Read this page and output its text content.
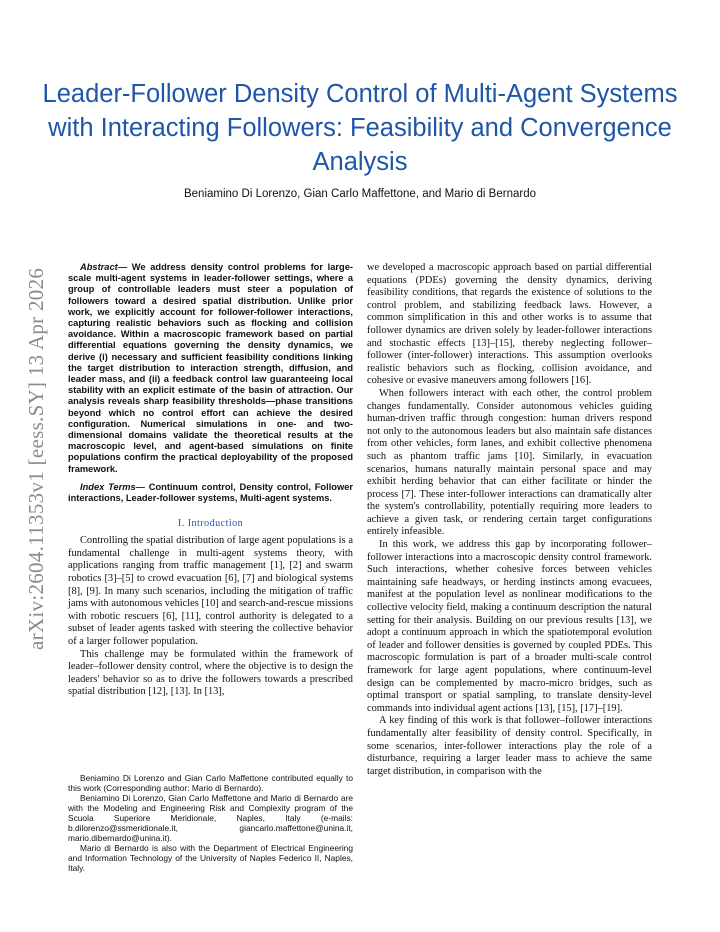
arXiv:2604.11353v1 [eess.SY] 13 Apr 2026
Leader-Follower Density Control of Multi-Agent Systems with Interacting Followers: Feasibility and Convergence Analysis
Beniamino Di Lorenzo, Gian Carlo Maffettone, and Mario di Bernardo

Abstract— We address density control problems for large-scale multi-agent systems in leader-follower settings, where a group of controllable leaders must steer a population of followers toward a desired spatial distribution. Unlike prior work, we explicitly account for follower-follower interactions, capturing realistic behaviors such as flocking and collision avoidance. Within a macroscopic framework based on partial differential equations governing the density dynamics, we derive (i) necessary and sufficient feasibility conditions linking the target distribution to interaction strength, diffusion, and leader mass, and (ii) a feedback control law guaranteeing local stability with an explicit estimate of the basin of attraction. Our analysis reveals sharp feasibility thresholds—phase transitions beyond which no control effort can achieve the desired configuration. Numerical simulations in one- and two-dimensional domains validate the theoretical results at the macroscopic level, and agent-based simulations on finite populations confirm the practical deployability of the proposed framework.

Index Terms— Continuum control, Density control, Follower interactions, Leader-follower systems, Multi-agent systems.

I. Introduction

Controlling the spatial distribution of large agent populations is a fundamental challenge in multi-agent systems theory, with applications ranging from traffic management [1], [2] and swarm robotics [3]–[5] to crowd evacuation [6], [7] and biological systems [8], [9]. In many such scenarios, including the mitigation of traffic jams with autonomous vehicles [10] and search-and-rescue missions with robotic rescuers [6], [11], control authority is delegated to a subset of leader agents tasked with steering the collective behavior of a larger follower population.

This challenge may be formulated within the framework of leader–follower density control, where the objective is to design the leaders' behavior so as to drive the followers towards a prescribed spatial distribution [12], [13]. In [13],

Beniamino Di Lorenzo and Gian Carlo Maffettone contributed equally to this work (Corresponding author: Mario di Bernardo).

Beniamino Di Lorenzo, Gian Carlo Maffettone and Mario di Bernardo are with the Modeling and Engineering Risk and Complexity program of the Scuola Superiore Meridionale, Naples, Italy (e-mails: b.dilorenzo@ssmeridionale.it, giancarlo.maffettone@unina.it, mario.dibernardo@unina.it).

Mario di Bernardo is also with the Department of Electrical Engineering and Information Technology of the University of Naples Federico II, Naples, Italy.

we developed a macroscopic approach based on partial differential equations (PDEs) governing the density dynamics, deriving feasibility conditions, that regards the existence of solutions to the control problem, and stabilizing feedback laws. However, a common simplification in this and other works is to assume that follower dynamics are driven solely by leader-follower interactions and stochastic effects [13]–[15], thereby neglecting follower–follower (inter-follower) interactions. This assumption overlooks realistic behaviors such as flocking, collision avoidance, and cohesive or evasive maneuvers among followers [16].

When followers interact with each other, the control problem changes fundamentally. Consider autonomous vehicles guiding human-driven traffic through congestion: human drivers respond not only to the autonomous leaders but also maintain safe distances from other vehicles, form lanes, and exhibit collective phenomena such as phantom traffic jams [10]. Similarly, in evacuation scenarios, humans naturally maintain personal space and may exhibit herding behavior that can either facilitate or hinder the process [7]. These inter-follower interactions can dramatically alter the system's controllability, potentially requiring more leaders to achieve a given task, or rendering certain target configurations entirely infeasible.

In this work, we address this gap by incorporating follower–follower interactions into a macroscopic density control framework. Such interactions, whether cohesive forces between vehicles maintaining safe headways, or herding instincts among evacuees, manifest at the population level as nonlinear modifications to the collective velocity field, making a continuum description the natural setting for their analysis. Building on our previous results [13], we adopt a continuum approach in which the spatiotemporal evolution of leader and follower densities is governed by coupled PDEs. This macroscopic formulation is part of a broader multi-scale control framework for large agent populations, where continuum-level design can be complemented by macro-micro bridges, such as optimal transport or spatial sampling, to translate density-level commands into individual agent actions [13], [15], [17]–[19].

A key finding of this work is that follower–follower interactions fundamentally alter feasibility of density control. Specifically, in some scenarios, inter-follower interactions play the role of a disturbance, requiring a larger leader mass to achieve the same target distribution, in comparison with the
